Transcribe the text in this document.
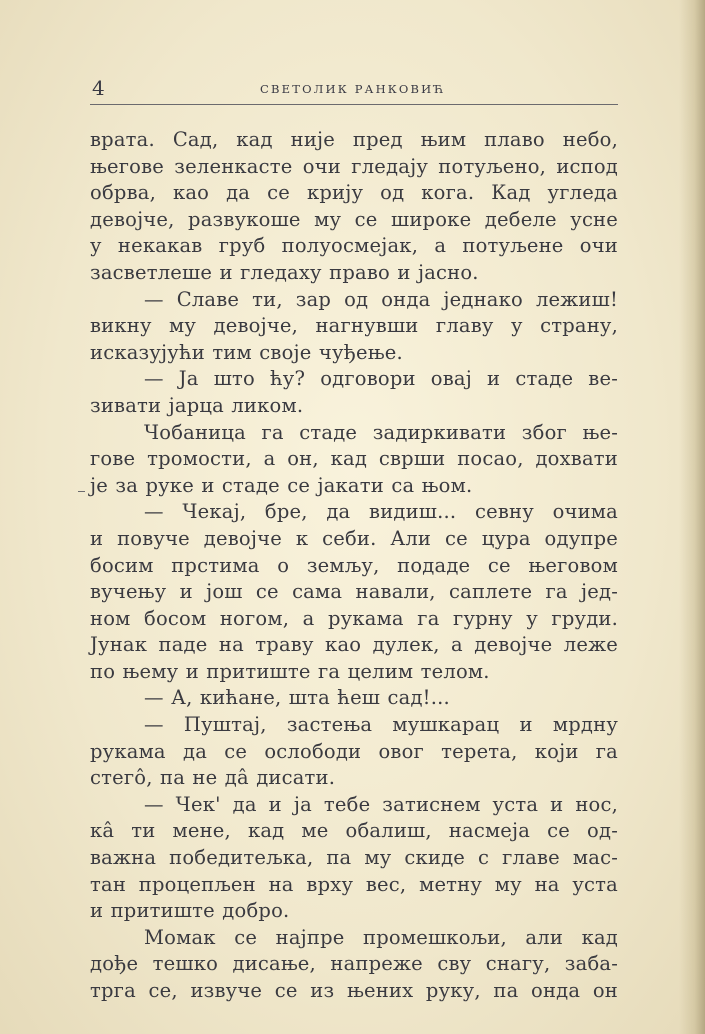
4	СВЕТОЛИК РАНКОВИЋ
врата. Сад, кад није пред њим плаво небо,
његове зеленкасте очи гледају потуљено, испод
обрва, као да се крију од кога. Кад угледа
девојче, развукоше му се широке дебеле усне
у некакав груб полуосмејак, а потуљене очи
засветлеше и гледаху право и јасно.
— Славе ти, зар од онда једнако лежиш!
викну му девојче, нагнувши главу у страну,
исказујући тим своје чуђење.
— Ја што ћу? одговори овај и стаде ве-
зивати јарца ликом.
Чобаница га стаде задиркивати због ње-
гове тромости, а он, кад сврши посао, дохвати
је за руке и стаде се јакати са њом.
— Чекај, бре, да видиш... севну очима
и повуче девојче к себи. Али се цура одупре
босим прстима о земљу, подаде се његовом
вучењу и још се сама навали, саплете га јед-
ном босом ногом, а рукама га гурну у груди.
Јунак паде на траву као дулек, а девојче леже
по њему и притиште га целим телом.
— А, кићане, шта ћеш сад!...
— Пуштај, застења мушкарац и мрдну
рукама да се ослободи овог терета, који га
стегô, па не дâ дисати.
— Чек' да и ја тебе затиснем уста и нос,
кâ ти мене, кад ме обалиш, насмеја се од-
важна победитељка, па му скиде с главе мас-
тан процепљен на врху вес, метну му на уста
и притиште добро.
Момак се најпре промешкољи, али кад
дође тешко дисање, напреже сву снагу, заба-
трга се, извуче се из њених руку, па онда он
